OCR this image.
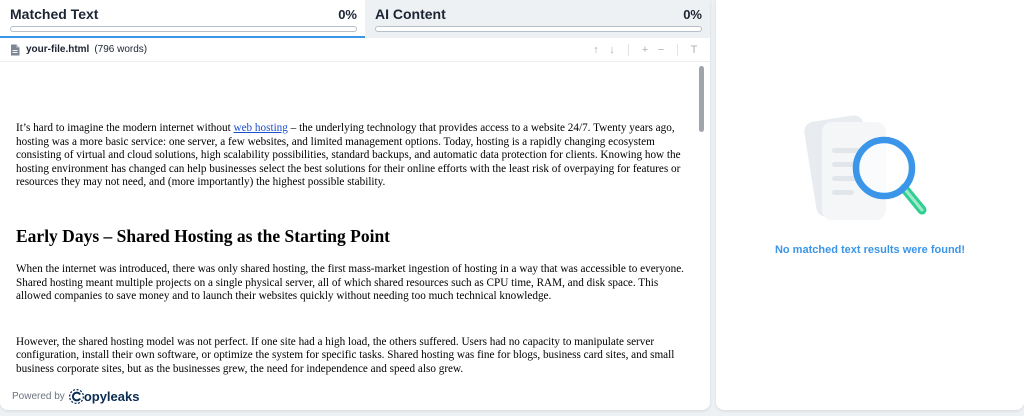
Matched Text	0% AI Content	0%
your-file.html (796 words)	↑ ↓	+ −	T

It’s hard to imagine the modern internet without web hosting – the underlying technology that provides access to a website 24/7. Twenty years ago, hosting was a more basic service: one server, a few websites, and limited management options. Today, hosting is a rapidly changing ecosystem consisting of virtual and cloud solutions, high scalability possibilities, standard backups, and automatic data protection for clients. Knowing how the hosting environment has changed can help businesses select the best solutions for their online efforts with the least risk of overpaying for features or resources they may not need, and (more importantly) the highest possible stability.

Early Days – Shared Hosting as the Starting Point

When the internet was introduced, there was only shared hosting, the first mass-market ingestion of hosting in a way that was accessible to everyone. Shared hosting meant multiple projects on a single physical server, all of which shared resources such as CPU time, RAM, and disk space. This allowed companies to save money and to launch their websites quickly without needing too much technical knowledge.

However, the shared hosting model was not perfect. If one site had a high load, the others suffered. Users had no capacity to manipulate server configuration, install their own software, or optimize the system for specific tasks. Shared hosting was fine for blogs, business card sites, and small business corporate sites, but as the businesses grew, the need for independence and speed also grew.

Powered by opyleaks
No matched text results were found!
